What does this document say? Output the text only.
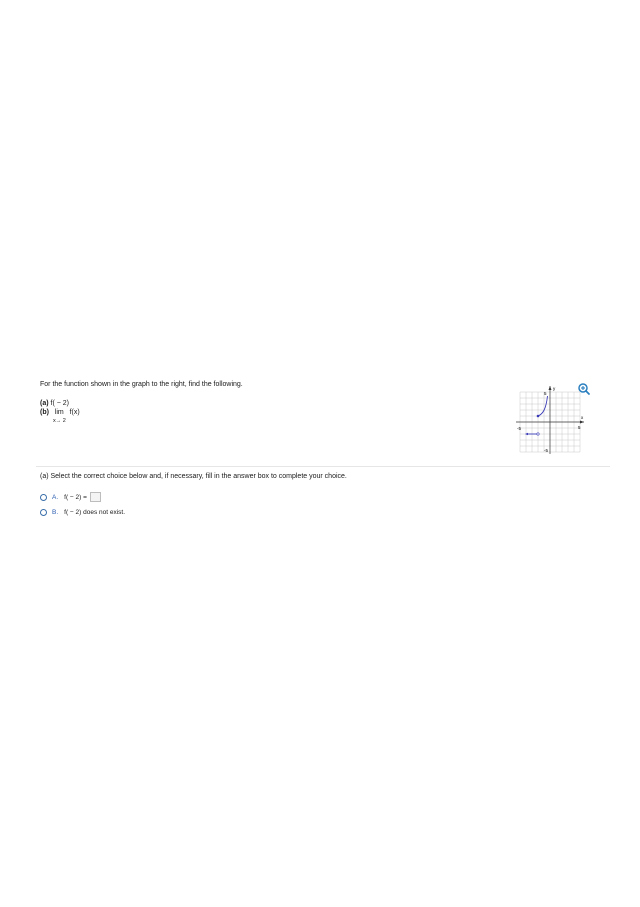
For the function shown in the graph to the right, find the following.
(a) f( − 2)
(b) lim f(x)
x→ 2
y
x
-5	5
5
-5
(a) Select the correct choice below and, if necessary, fill in the answer box to complete your choice.
A. f( − 2) =
B. f( − 2) does not exist.
